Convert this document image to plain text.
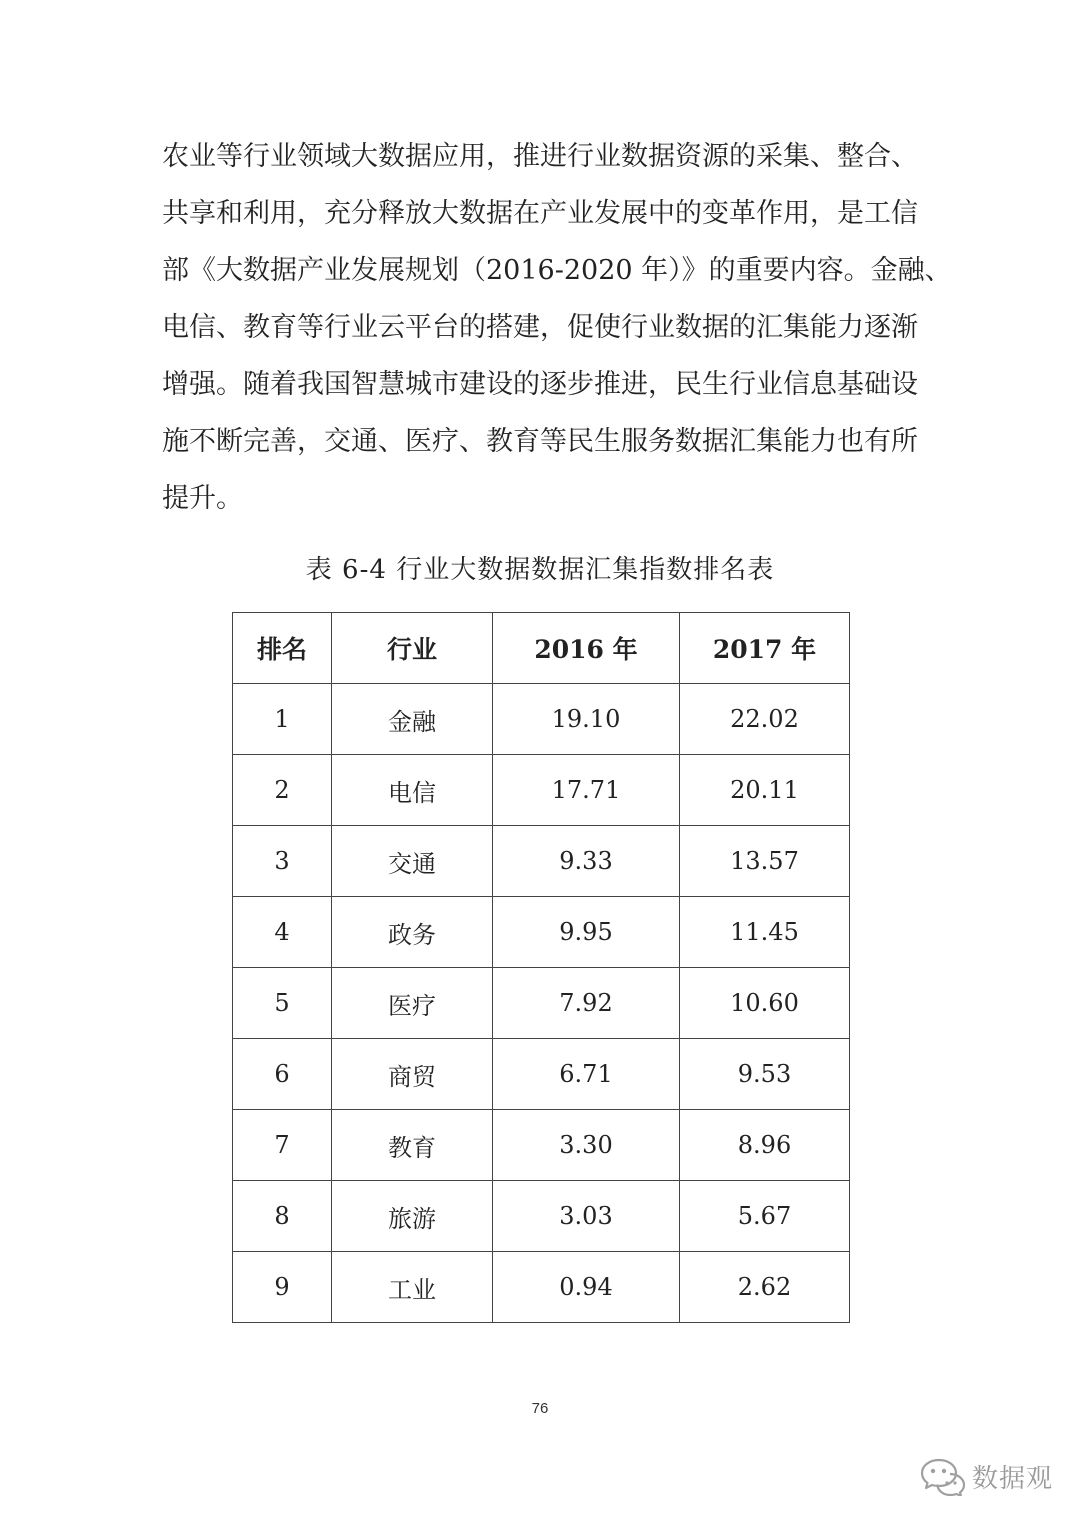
农业等行业领域大数据应用，推进行业数据资源的采集、整合、
共享和利用，充分释放大数据在产业发展中的变革作用，是工信
部《大数据产业发展规划（2016-2020 年）》的重要内容。金融、
电信、教育等行业云平台的搭建，促使行业数据的汇集能力逐渐
增强。随着我国智慧城市建设的逐步推进，民生行业信息基础设
施不断完善，交通、医疗、教育等民生服务数据汇集能力也有所
提升。
表 6-4 行业大数据数据汇集指数排名表
排名	行业	2016 年	2017 年
1	金融	19.10	22.02
2	电信	17.71	20.11
3	交通	9.33	13.57
4	政务	9.95	11.45
5	医疗	7.92	10.60
6	商贸	6.71	9.53
7	教育	3.30	8.96
8	旅游	3.03	5.67
9	工业	0.94	2.62
76
数据观
